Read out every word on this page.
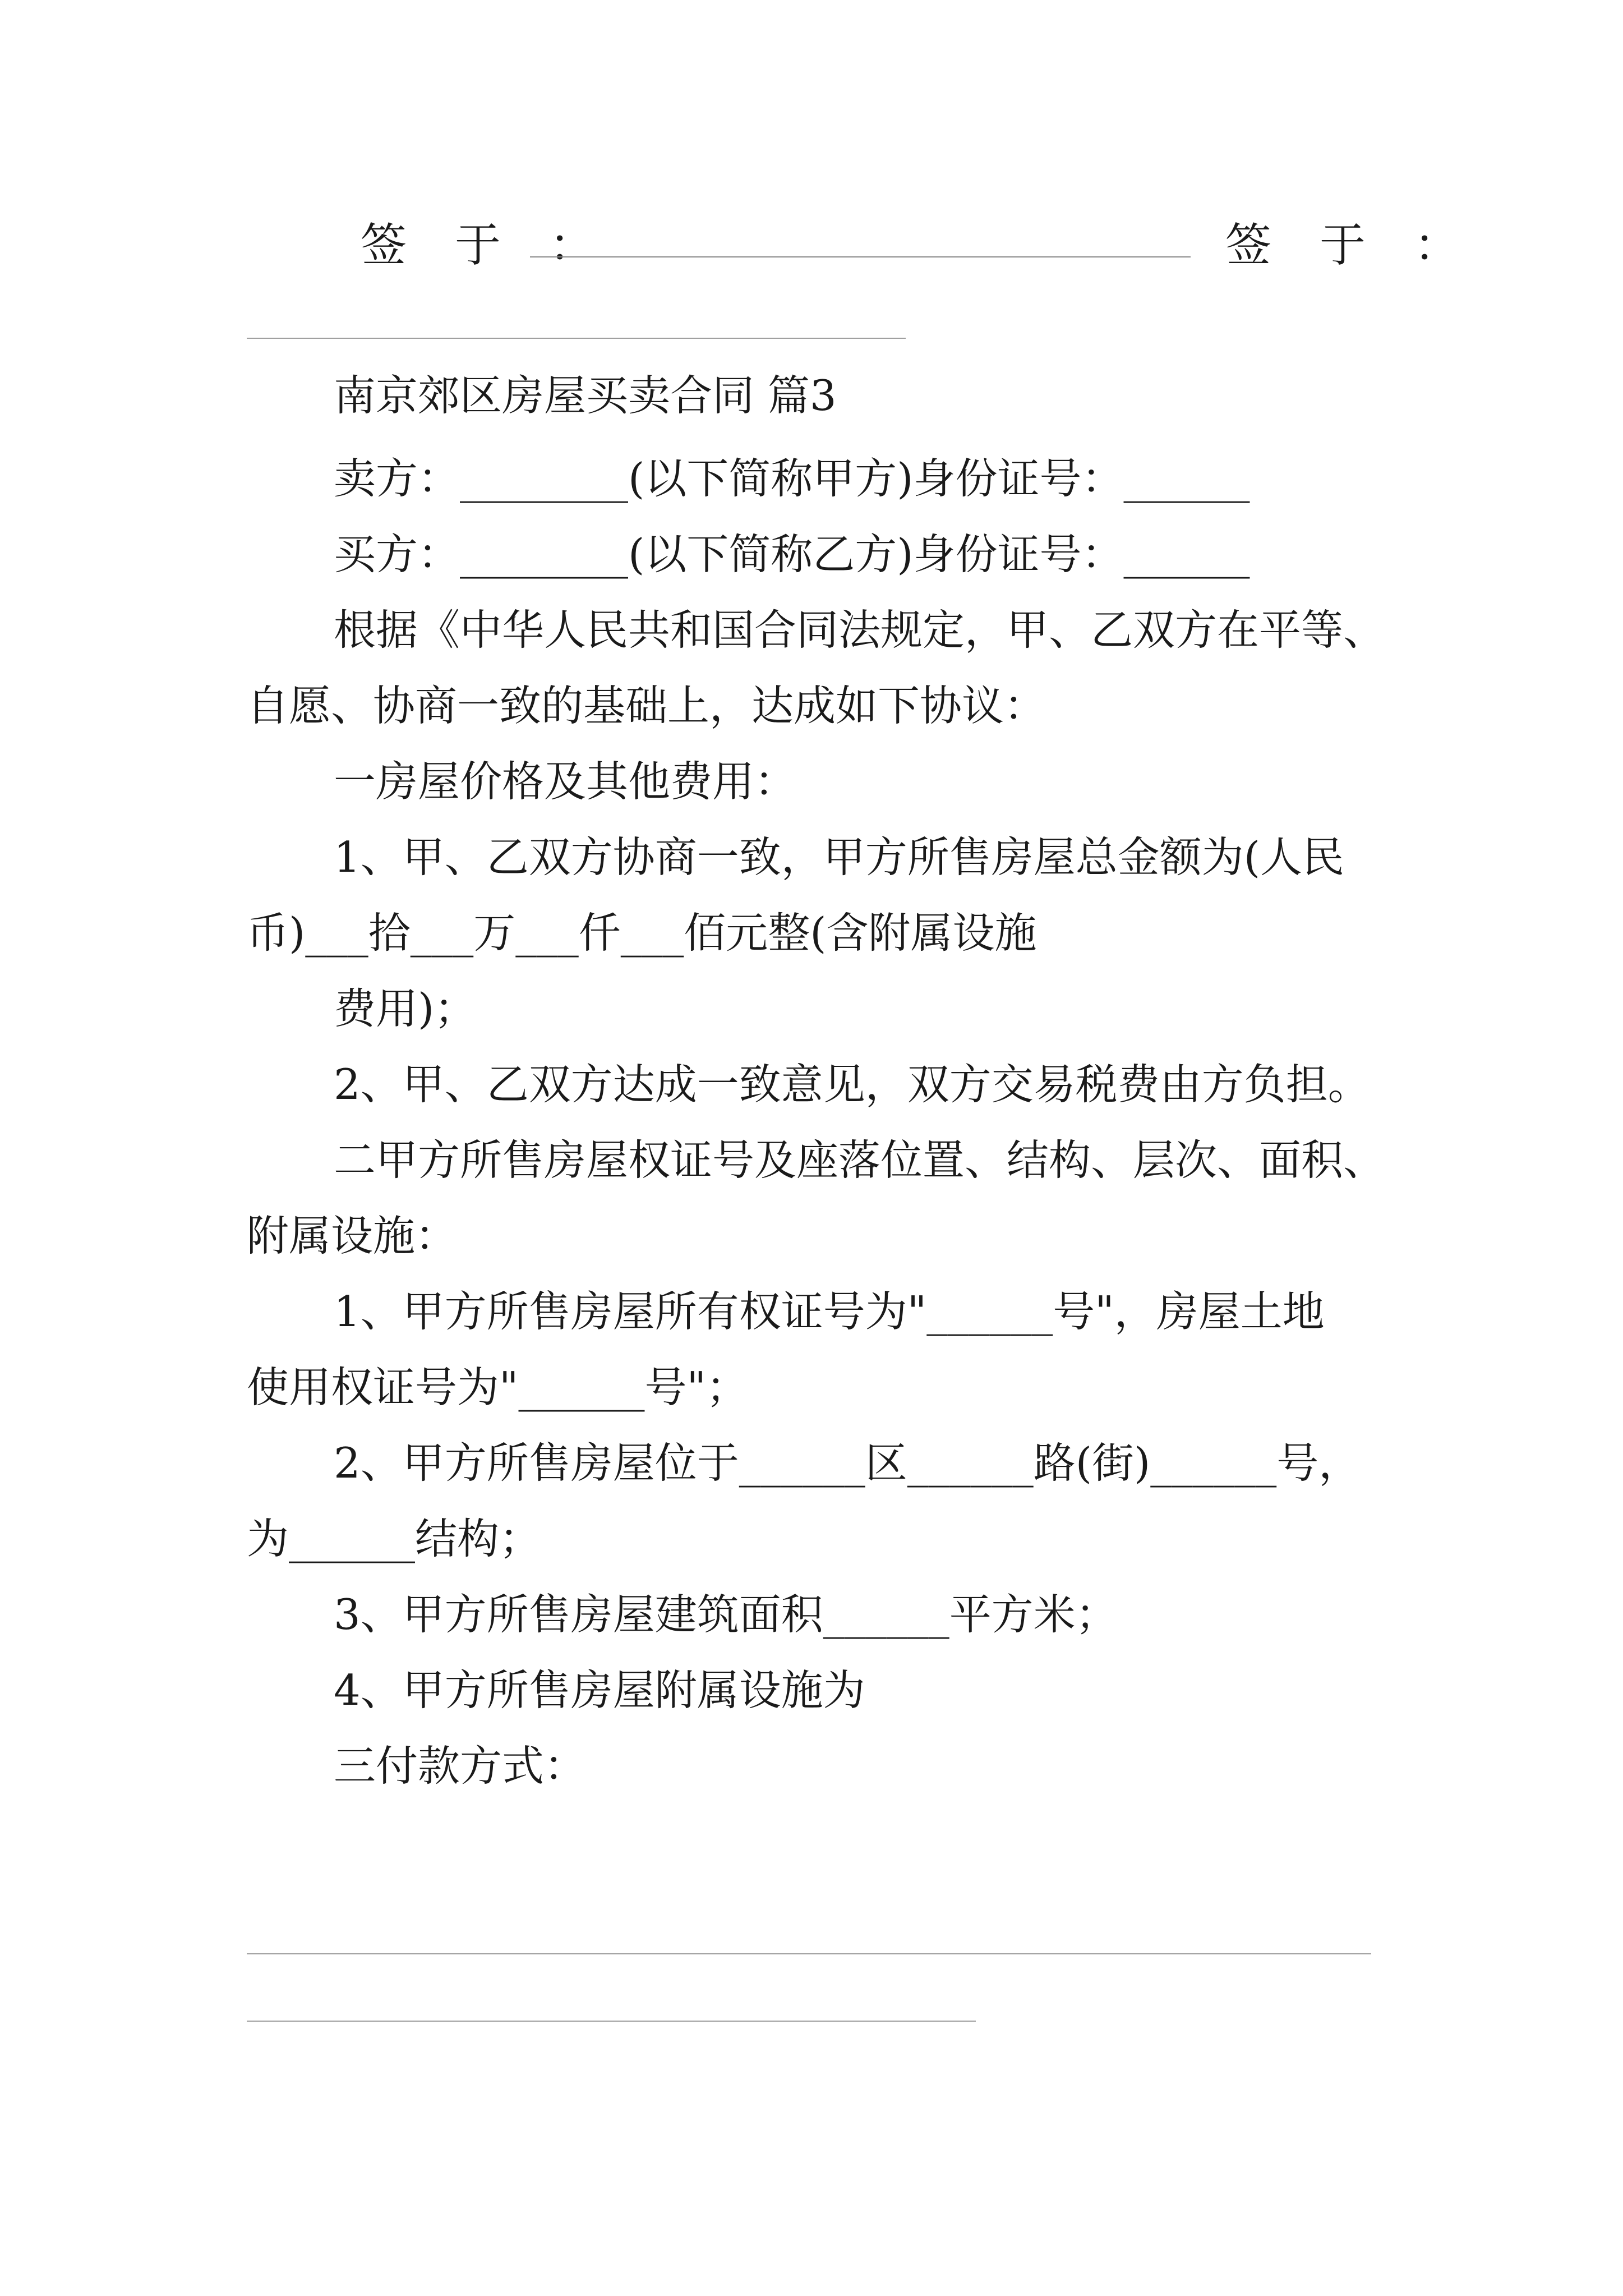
签 于 ：	签 于 ：
南京郊区房屋买卖合同 篇3
卖方：________(以下简称甲方)身份证号：______
买方：________(以下简称乙方)身份证号：______
根据《中华人民共和国合同法规定，甲、乙双方在平等、
自愿、协商一致的基础上，达成如下协议：
一房屋价格及其他费用：
1、甲、乙双方协商一致，甲方所售房屋总金额为(人民
币)___拾___万___仟___佰元整(含附属设施
费用)；
2、甲、乙双方达成一致意见，双方交易税费由方负担。
二甲方所售房屋权证号及座落位置、结构、层次、面积、
附属设施：
1、甲方所售房屋所有权证号为"______号"，房屋土地
使用权证号为"______号"；
2、甲方所售房屋位于______区______路(街)______号，
为______结构；
3、甲方所售房屋建筑面积______平方米；
4、甲方所售房屋附属设施为
三付款方式：
